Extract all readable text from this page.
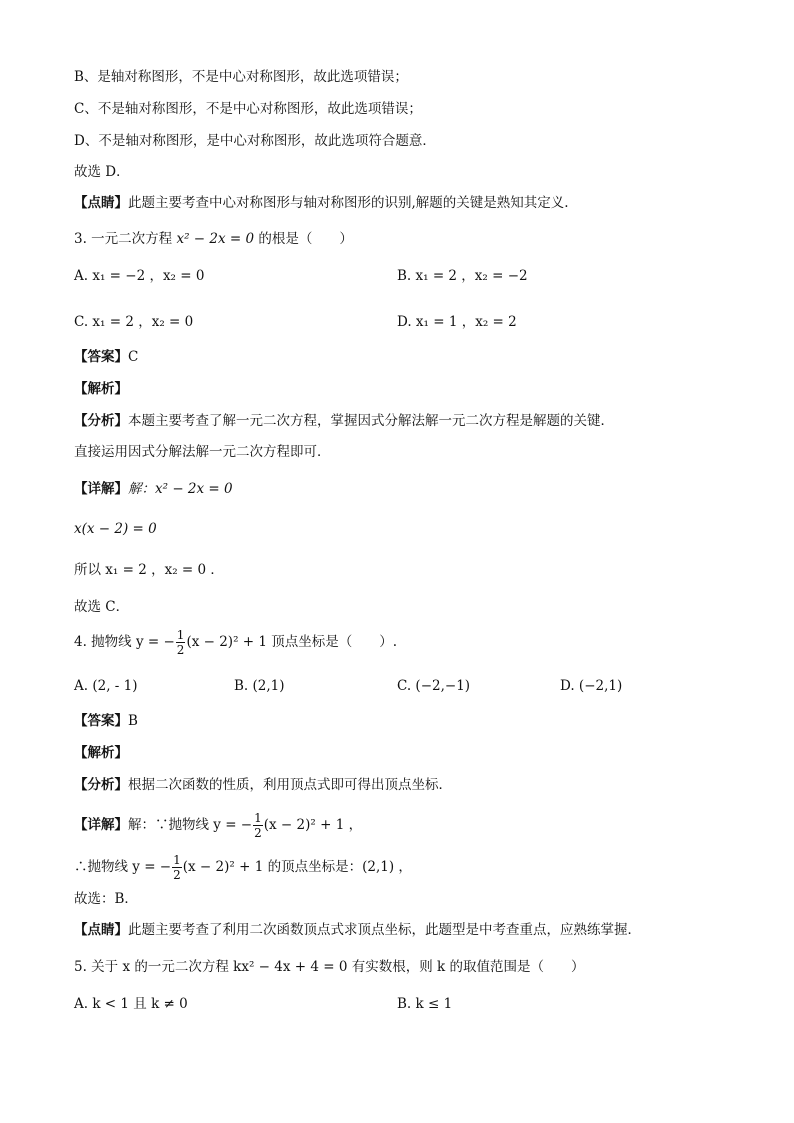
B、是轴对称图形，不是中心对称图形，故此选项错误；
C、不是轴对称图形，不是中心对称图形，故此选项错误；
D、不是轴对称图形，是中心对称图形，故此选项符合题意．
故选 D．
【点睛】此题主要考查中心对称图形与轴对称图形的识别,解题的关键是熟知其定义.
3. 一元二次方程 x² − 2x = 0 的根是（　　）
A. x₁ = −2 ，x₂ = 0	B. x₁ = 2 ，x₂ = −2
C. x₁ = 2 ，x₂ = 0	D. x₁ = 1 ，x₂ = 2
【答案】C
【解析】
【分析】本题主要考查了解一元二次方程，掌握因式分解法解一元二次方程是解题的关键．
直接运用因式分解法解一元二次方程即可．
【详解】解：x² − 2x = 0
x(x − 2) = 0
所以 x₁ = 2 ，x₂ = 0 ．
故选 C．
4. 抛物线 y = − $\frac{1}{2} (x - 2)^2 + 1$ 顶点坐标是（　　）.
A. (2, - 1)	B. (2,1)	C. (−2,−1)	D. (−2,1)
【答案】B
【解析】
【分析】根据二次函数的性质，利用顶点式即可得出顶点坐标．
【详解】解：∵抛物线 y = − $\frac{1}{2} (x - 2)^2 + 1$ ，
∴抛物线 y = − $\frac{1}{2} (x - 2)^2 + 1$ 的顶点坐标是：(2,1) ，
故选：B．
【点睛】此题主要考查了利用二次函数顶点式求顶点坐标，此题型是中考查重点，应熟练掌握．
5. 关于 x 的一元二次方程 kx² − 4x + 4 = 0 有实数根，则 k 的取值范围是（　　）
A. k < 1 且 k ≠ 0	B. k ≤ 1
